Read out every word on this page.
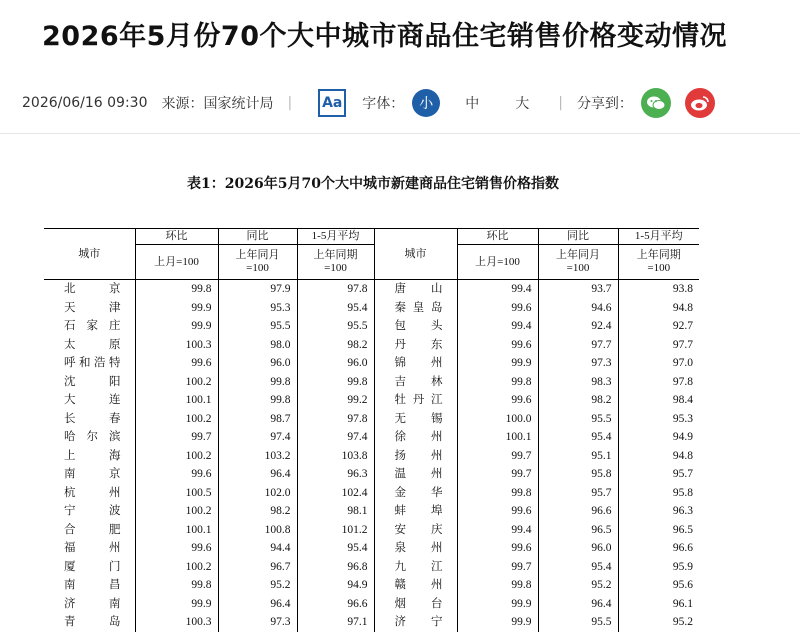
2026年5月份70个大中城市商品住宅销售价格变动情况
2026/06/16 09:30 来源：国家统计局 | Aa 字体：	小	中	大	| 分享到：
表1：2026年5月70个大中城市新建商品住宅销售价格指数
城市	环比	同比	1-5月平均	城市	环比	同比	1-5月平均
	上月=100	上年同月
=100	上年同期
=100		上月=100	上年同月
=100	上年同期
=100
北京	99.8	97.9	97.8	唐山	99.4	93.7	93.8
天津	99.9	95.3	95.4	秦皇岛	99.6	94.6	94.8
石家庄	99.9	95.5	95.5	包头	99.4	92.4	92.7
太原	100.3	98.0	98.2	丹东	99.6	97.7	97.7
呼和浩特	99.6	96.0	96.0	锦州	99.9	97.3	97.0
沈阳	100.2	99.8	99.8	吉林	99.8	98.3	97.8
大连	100.1	99.8	99.2	牡丹江	99.6	98.2	98.4
长春	100.2	98.7	97.8	无锡	100.0	95.5	95.3
哈尔滨	99.7	97.4	97.4	徐州	100.1	95.4	94.9
上海	100.2	103.2	103.8	扬州	99.7	95.1	94.8
南京	99.6	96.4	96.3	温州	99.7	95.8	95.7
杭州	100.5	102.0	102.4	金华	99.8	95.7	95.8
宁波	100.2	98.2	98.1	蚌埠	99.6	96.6	96.3
合肥	100.1	100.8	101.2	安庆	99.4	96.5	96.5
福州	99.6	94.4	95.4	泉州	99.6	96.0	96.6
厦门	100.2	96.7	96.8	九江	99.7	95.4	95.9
南昌	99.8	95.2	94.9	赣州	99.8	95.2	95.6
济南	99.9	96.4	96.6	烟台	99.9	96.4	96.1
青岛	100.3	97.3	97.1	济宁	99.9	95.5	95.2
